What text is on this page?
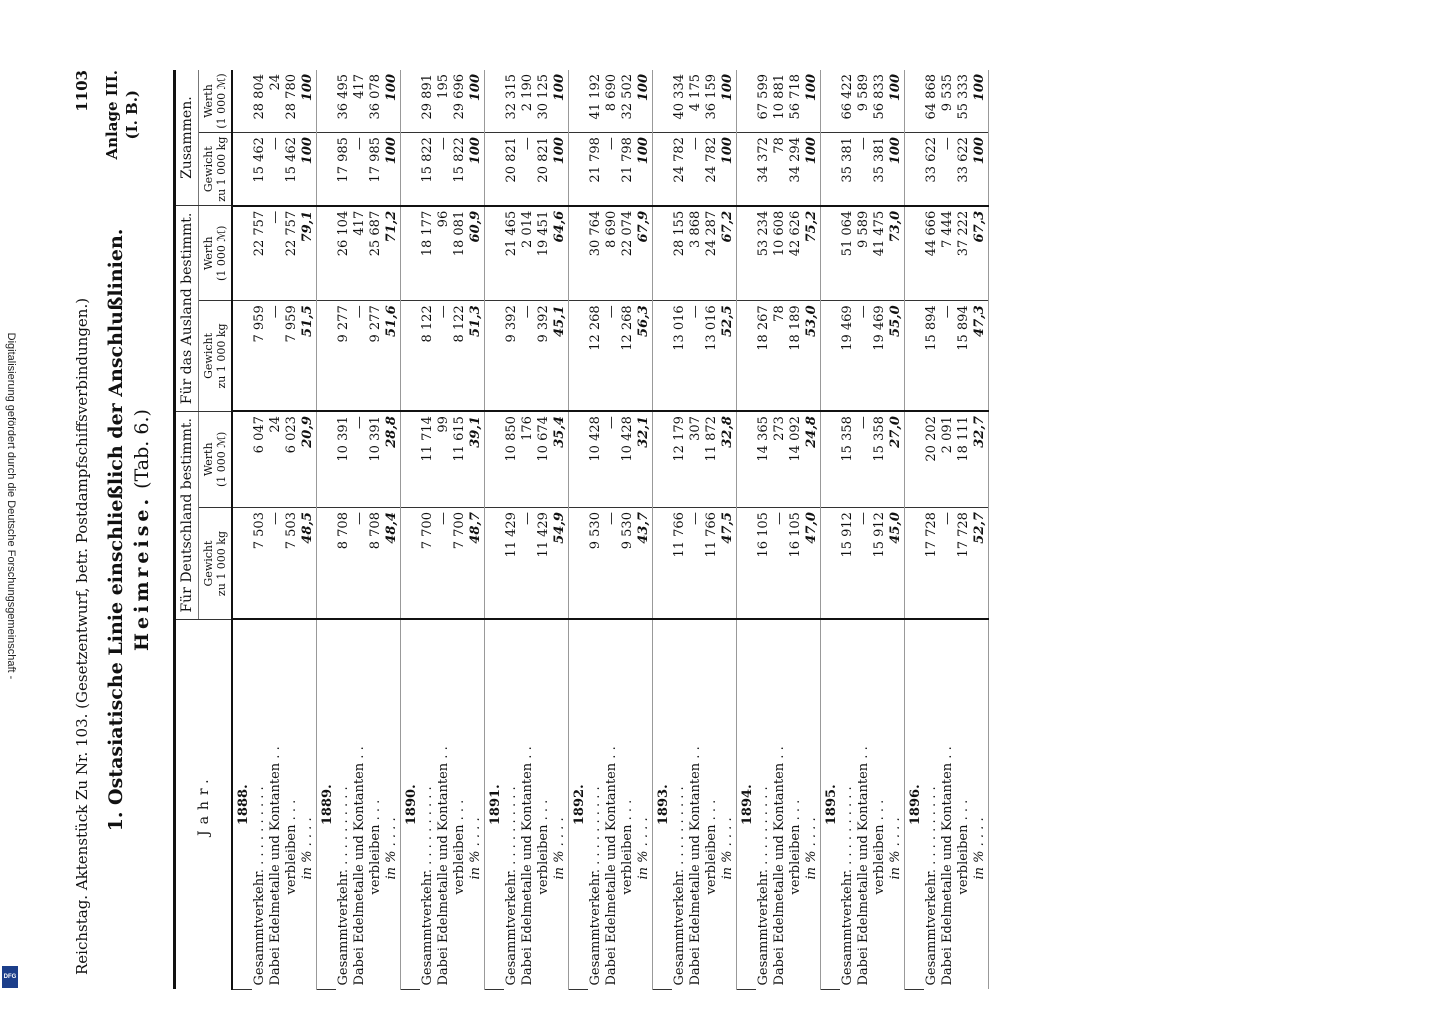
Digitalisierung gefördert durch die Deutsche Forschungsgemeinschaft -
DFG
Reichstag. Aktenstück Zu Nr. 103. (Gesetzentwurf, betr. Postdampfschiffsverbindungen.)
1103 Anlage III. (I. B.)
1. Ostasiatische Linie einschließlich der Anschlußlinien. Heimreise. (Tab. 6.)
Jahr.	Für Deutschland bestimmt.		Für das Ausland bestimmt.		Zusammen.	
	Gewicht
zu 1 000 kg	Werth
(1 000 ℳ)	Gewicht
zu 1 000 kg	Werth
(1 000 ℳ)	Gewicht
zu 1 000 kg	Werth
(1 000 ℳ)
1888.						
Gesammtverkehr. . . . . . . . . . .	7 503	6 047	7 959	22 757	15 462	28 804
Dabei Edelmetalle und Kontanten . .	—	24	—	—	—	24
verbleiben . . .	7 503	6 023	7 959	22 757	15 462	28 780
in % . . . .	48,5	20,9	51,5	79,1	100	100
1889.						
Gesammtverkehr. . . . . . . . . . .	8 708	10 391	9 277	26 104	17 985	36 495
Dabei Edelmetalle und Kontanten . .	—	—	—	417	—	417
verbleiben . . .	8 708	10 391	9 277	25 687	17 985	36 078
in % . . . .	48,4	28,8	51,6	71,2	100	100
1890.						
Gesammtverkehr. . . . . . . . . . .	7 700	11 714	8 122	18 177	15 822	29 891
Dabei Edelmetalle und Kontanten . .	—	99	—	96	—	195
verbleiben . . .	7 700	11 615	8 122	18 081	15 822	29 696
in % . . . .	48,7	39,1	51,3	60,9	100	100
1891.						
Gesammtverkehr. . . . . . . . . . .	11 429	10 850	9 392	21 465	20 821	32 315
Dabei Edelmetalle und Kontanten . .	—	176	—	2 014	—	2 190
verbleiben . . .	11 429	10 674	9 392	19 451	20 821	30 125
in % . . . .	54,9	35,4	45,1	64,6	100	100
1892.						
Gesammtverkehr. . . . . . . . . . .	9 530	10 428	12 268	30 764	21 798	41 192
Dabei Edelmetalle und Kontanten . .	—	—	—	8 690	—	8 690
verbleiben . . .	9 530	10 428	12 268	22 074	21 798	32 502
in % . . . .	43,7	32,1	56,3	67,9	100	100
1893.						
Gesammtverkehr. . . . . . . . . . .	11 766	12 179	13 016	28 155	24 782	40 334
Dabei Edelmetalle und Kontanten . .	—	307	—	3 868	—	4 175
verbleiben . . .	11 766	11 872	13 016	24 287	24 782	36 159
in % . . . .	47,5	32,8	52,5	67,2	100	100
1894.						
Gesammtverkehr. . . . . . . . . . .	16 105	14 365	18 267	53 234	34 372	67 599
Dabei Edelmetalle und Kontanten . .	—	273	78	10 608	78	10 881
verbleiben . . .	16 105	14 092	18 189	42 626	34 294	56 718
in % . . . .	47,0	24,8	53,0	75,2	100	100
1895.						
Gesammtverkehr. . . . . . . . . . .	15 912	15 358	19 469	51 064	35 381	66 422
Dabei Edelmetalle und Kontanten . .	—	—	—	9 589	—	9 589
verbleiben . . .	15 912	15 358	19 469	41 475	35 381	56 833
in % . . . .	45,0	27,0	55,0	73,0	100	100
1896.						
Gesammtverkehr. . . . . . . . . . .	17 728	20 202	15 894	44 666	33 622	64 868
Dabei Edelmetalle und Kontanten . .	—	2 091	—	7 444	—	9 535
verbleiben . . .	17 728	18 111	15 894	37 222	33 622	55 333
in % . . . .	52,7	32,7	47,3	67,3	100	100
